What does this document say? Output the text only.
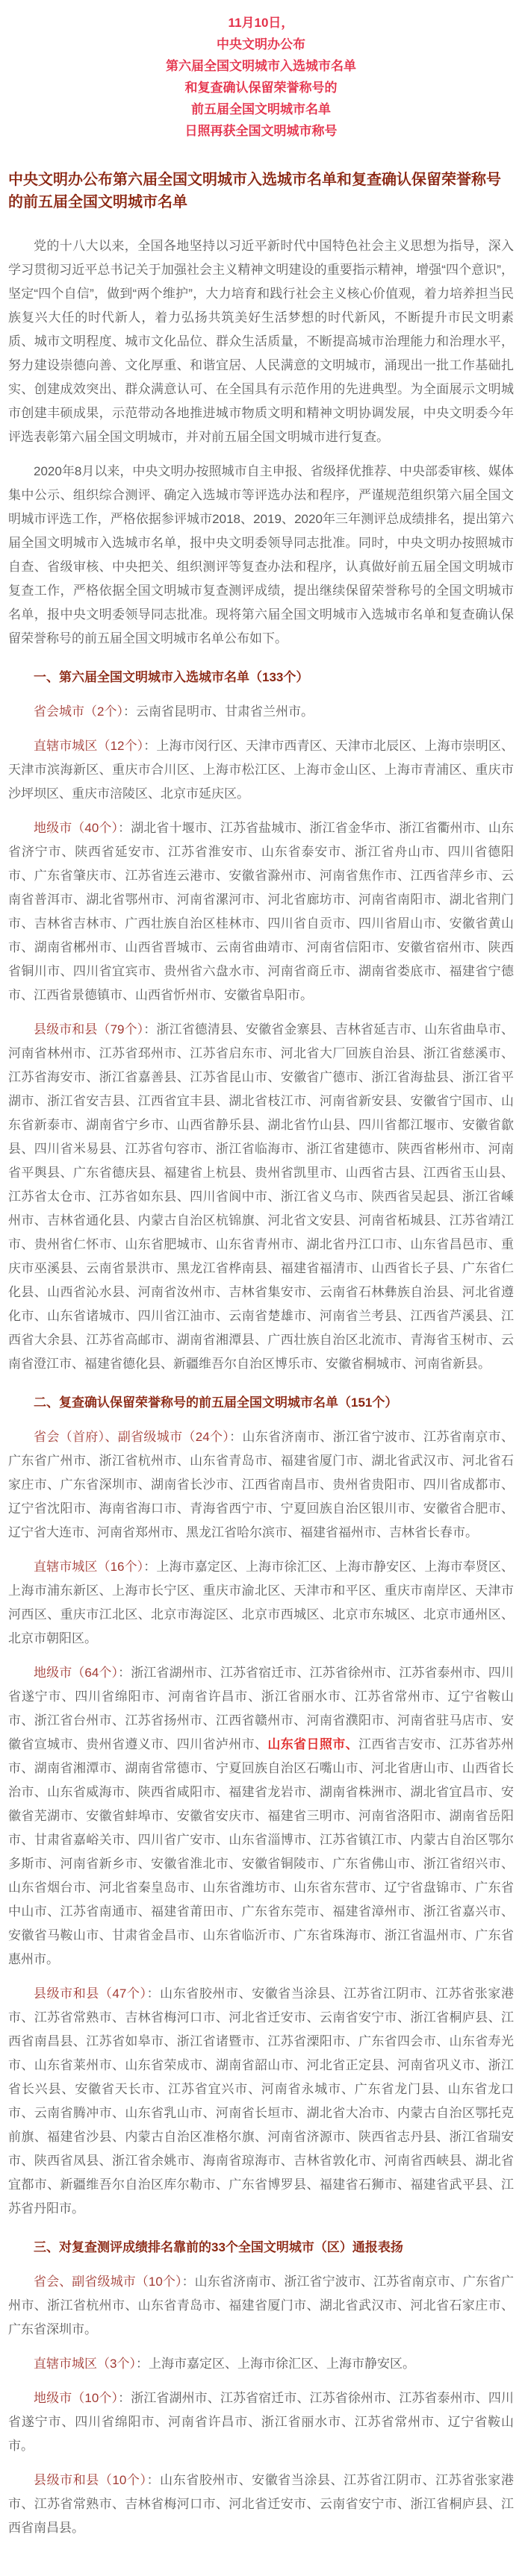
11月10日，

中央文明办公布

第六届全国文明城市入选城市名单

和复查确认保留荣誉称号的

前五届全国文明城市名单

日照再获全国文明城市称号

中央文明办公布第六届全国文明城市入选城市名单和复查确认保留荣誉称号的前五届全国文明城市名单

党的十八大以来，全国各地坚持以习近平新时代中国特色社会主义思想为指导，深入学习贯彻习近平总书记关于加强社会主义精神文明建设的重要指示精神，增强“四个意识”，坚定“四个自信”，做到“两个维护”，大力培育和践行社会主义核心价值观，着力培养担当民族复兴大任的时代新人，着力弘扬共筑美好生活梦想的时代新风，不断提升市民文明素质、城市文明程度、城市文化品位、群众生活质量，不断提高城市治理能力和治理水平，努力建设崇德向善、文化厚重、和谐宜居、人民满意的文明城市，涌现出一批工作基础扎实、创建成效突出、群众满意认可、在全国具有示范作用的先进典型。为全面展示文明城市创建丰硕成果，示范带动各地推进城市物质文明和精神文明协调发展，中央文明委今年评选表彰第六届全国文明城市，并对前五届全国文明城市进行复查。

2020年8月以来，中央文明办按照城市自主申报、省级择优推荐、中央部委审核、媒体集中公示、组织综合测评、确定入选城市等评选办法和程序，严谨规范组织第六届全国文明城市评选工作，严格依据参评城市2018、2019、2020年三年测评总成绩排名，提出第六届全国文明城市入选城市名单，报中央文明委领导同志批准。同时，中央文明办按照城市自查、省级审核、中央把关、组织测评等复查办法和程序，认真做好前五届全国文明城市复查工作，严格依据全国文明城市复查测评成绩，提出继续保留荣誉称号的全国文明城市名单，报中央文明委领导同志批准。现将第六届全国文明城市入选城市名单和复查确认保留荣誉称号的前五届全国文明城市名单公布如下。

一、第六届全国文明城市入选城市名单（133个）

省会城市（2个）：云南省昆明市、甘肃省兰州市。

直辖市城区（12个）：上海市闵行区、天津市西青区、天津市北辰区、上海市崇明区、天津市滨海新区、重庆市合川区、上海市松江区、上海市金山区、上海市青浦区、重庆市沙坪坝区、重庆市涪陵区、北京市延庆区。

地级市（40个）：湖北省十堰市、江苏省盐城市、浙江省金华市、浙江省衢州市、山东省济宁市、陕西省延安市、江苏省淮安市、山东省泰安市、浙江省舟山市、四川省德阳市、广东省肇庆市、江苏省连云港市、安徽省滁州市、河南省焦作市、江西省萍乡市、云南省普洱市、湖北省鄂州市、河南省漯河市、河北省廊坊市、河南省南阳市、湖北省荆门市、吉林省吉林市、广西壮族自治区桂林市、四川省自贡市、四川省眉山市、安徽省黄山市、湖南省郴州市、山西省晋城市、云南省曲靖市、河南省信阳市、安徽省宿州市、陕西省铜川市、四川省宜宾市、贵州省六盘水市、河南省商丘市、湖南省娄底市、福建省宁德市、江西省景德镇市、山西省忻州市、安徽省阜阳市。

县级市和县（79个）：浙江省德清县、安徽省金寨县、吉林省延吉市、山东省曲阜市、河南省林州市、江苏省邳州市、江苏省启东市、河北省大厂回族自治县、浙江省慈溪市、江苏省海安市、浙江省嘉善县、江苏省昆山市、安徽省广德市、浙江省海盐县、浙江省平湖市、浙江省安吉县、江西省宜丰县、湖北省枝江市、河南省新安县、安徽省宁国市、山东省新泰市、湖南省宁乡市、山西省静乐县、湖北省竹山县、四川省都江堰市、安徽省歙县、四川省米易县、江苏省句容市、浙江省临海市、浙江省建德市、陕西省彬州市、河南省平舆县、广东省德庆县、福建省上杭县、贵州省凯里市、山西省古县、江西省玉山县、江苏省太仓市、江苏省如东县、四川省阆中市、浙江省义乌市、陕西省吴起县、浙江省嵊州市、吉林省通化县、内蒙古自治区杭锦旗、河北省文安县、河南省柘城县、江苏省靖江市、贵州省仁怀市、山东省肥城市、山东省青州市、湖北省丹江口市、山东省昌邑市、重庆市巫溪县、云南省景洪市、黑龙江省桦南县、福建省福清市、山西省长子县、广东省仁化县、山西省沁水县、河南省汝州市、吉林省集安市、云南省石林彝族自治县、河北省遵化市、山东省诸城市、四川省江油市、云南省楚雄市、河南省兰考县、江西省芦溪县、江西省大余县、江苏省高邮市、湖南省湘潭县、广西壮族自治区北流市、青海省玉树市、云南省澄江市、福建省德化县、新疆维吾尔自治区博乐市、安徽省桐城市、河南省新县。

二、复查确认保留荣誉称号的前五届全国文明城市名单（151个）

省会（首府）、副省级城市（24个）：山东省济南市、浙江省宁波市、江苏省南京市、广东省广州市、浙江省杭州市、山东省青岛市、福建省厦门市、湖北省武汉市、河北省石家庄市、广东省深圳市、湖南省长沙市、江西省南昌市、贵州省贵阳市、四川省成都市、辽宁省沈阳市、海南省海口市、青海省西宁市、宁夏回族自治区银川市、安徽省合肥市、辽宁省大连市、河南省郑州市、黑龙江省哈尔滨市、福建省福州市、吉林省长春市。

直辖市城区（16个）：上海市嘉定区、上海市徐汇区、上海市静安区、上海市奉贤区、上海市浦东新区、上海市长宁区、重庆市渝北区、天津市和平区、重庆市南岸区、天津市河西区、重庆市江北区、北京市海淀区、北京市西城区、北京市东城区、北京市通州区、北京市朝阳区。

地级市（64个）：浙江省湖州市、江苏省宿迁市、江苏省徐州市、江苏省泰州市、四川省遂宁市、四川省绵阳市、河南省许昌市、浙江省丽水市、江苏省常州市、辽宁省鞍山市、浙江省台州市、江苏省扬州市、江西省赣州市、河南省濮阳市、河南省驻马店市、安徽省宣城市、贵州省遵义市、四川省泸州市、山东省日照市、江西省吉安市、江苏省苏州市、湖南省湘潭市、湖南省常德市、宁夏回族自治区石嘴山市、河北省唐山市、山西省长治市、山东省威海市、陕西省咸阳市、福建省龙岩市、湖南省株洲市、湖北省宜昌市、安徽省芜湖市、安徽省蚌埠市、安徽省安庆市、福建省三明市、河南省洛阳市、湖南省岳阳市、甘肃省嘉峪关市、四川省广安市、山东省淄博市、江苏省镇江市、内蒙古自治区鄂尔多斯市、河南省新乡市、安徽省淮北市、安徽省铜陵市、广东省佛山市、浙江省绍兴市、山东省烟台市、河北省秦皇岛市、山东省潍坊市、山东省东营市、辽宁省盘锦市、广东省中山市、江苏省南通市、福建省莆田市、广东省东莞市、福建省漳州市、浙江省嘉兴市、安徽省马鞍山市、甘肃省金昌市、山东省临沂市、广东省珠海市、浙江省温州市、广东省惠州市。

县级市和县（47个）：山东省胶州市、安徽省当涂县、江苏省江阴市、江苏省张家港市、江苏省常熟市、吉林省梅河口市、河北省迁安市、云南省安宁市、浙江省桐庐县、江西省南昌县、江苏省如皋市、浙江省诸暨市、江苏省溧阳市、广东省四会市、山东省寿光市、山东省莱州市、山东省荣成市、湖南省韶山市、河北省正定县、河南省巩义市、浙江省长兴县、安徽省天长市、江苏省宜兴市、河南省永城市、广东省龙门县、山东省龙口市、云南省腾冲市、山东省乳山市、河南省长垣市、湖北省大冶市、内蒙古自治区鄂托克前旗、福建省沙县、内蒙古自治区准格尔旗、河南省济源市、陕西省志丹县、浙江省瑞安市、陕西省凤县、浙江省余姚市、海南省琼海市、吉林省敦化市、河南省西峡县、湖北省宜都市、新疆维吾尔自治区库尔勒市、广东省博罗县、福建省石狮市、福建省武平县、江苏省丹阳市。

三、对复查测评成绩排名靠前的33个全国文明城市（区）通报表扬

省会、副省级城市（10个）：山东省济南市、浙江省宁波市、江苏省南京市、广东省广州市、浙江省杭州市、山东省青岛市、福建省厦门市、湖北省武汉市、河北省石家庄市、广东省深圳市。

直辖市城区（3个）：上海市嘉定区、上海市徐汇区、上海市静安区。

地级市（10个）：浙江省湖州市、江苏省宿迁市、江苏省徐州市、江苏省泰州市、四川省遂宁市、四川省绵阳市、河南省许昌市、浙江省丽水市、江苏省常州市、辽宁省鞍山市。

县级市和县（10个）：山东省胶州市、安徽省当涂县、江苏省江阴市、江苏省张家港市、江苏省常熟市、吉林省梅河口市、河北省迁安市、云南省安宁市、浙江省桐庐县、江西省南昌县。
